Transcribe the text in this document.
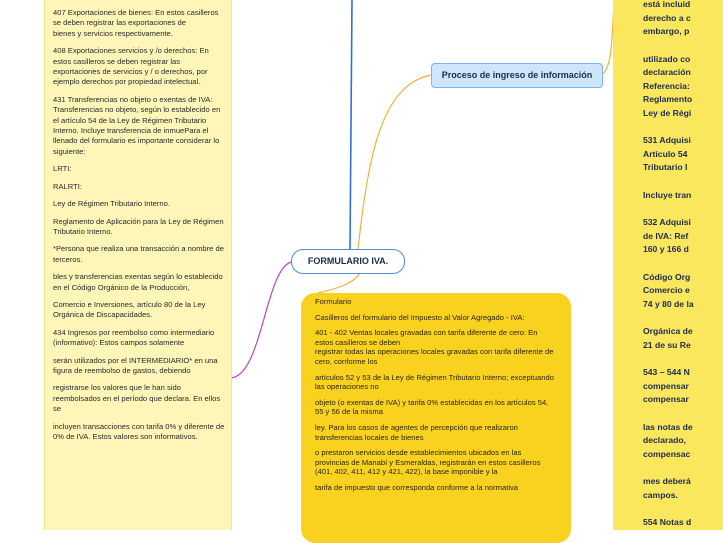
407 Exportaciones de bienes: En estos casilleros se deben registrar las exportaciones de
bienes y servicios respectivamente.

408 Exportaciones servicios y /o derechos: En estos casilleros se deben registrar las exportaciones de servicios y / o derechos, por ejemplo derechos por propiedad intelectual.

431 Transferencias no objeto o exentas de IVA: Transferencias no objeto, según lo establecido en el artículo 54 de la Ley de Régimen Tributario Interno. Incluye transferencia de inmuePara el llenado del formulario es importante considerar lo siguiente:

LRTI:

RALRTI:

Ley de Régimen Tributario Interno.

Reglamento de Aplicación para la Ley de Régimen Tributario Interno.

*Persona que realiza una transacción a nombre de terceros.

bles y transferencias exentas según lo establecido en el Código Orgánico de la Producción,

Comercio e Inversiones, artículo 80 de la Ley Orgánica de Discapacidades.

434 Ingresos por reembolso como intermediario (informativo): Estos campos solamente

serán utilizados por el INTERMEDIARIO* en una figura de reembolso de gastos, debiendo

registrarse los valores que le han sido reembolsados en el período que declara. En ellos se

incluyen transacciones con tarifa 0% y diferente de 0% de IVA. Estos valores son informativos.

está incluid

derecho a c

embargo, p

utilizado co

declaración

Referencia:

Reglamento

Ley de Régi

531 Adquisi

Artículo 54

Tributario I

Incluye tran

532 Adquisi

de IVA: Ref

160 y 166 d

Código Org

Comercio e

74 y 80 de la

Orgánica de

21 de su Re

543 – 544 N

compensar

compensar

las notas de

declarado,

compensac

mes deberá

campos.

554 Notas d

FORMULARIO IVA.
Proceso de ingreso de información

Formulario

Casilleros del formulario del Impuesto al Valor Agregado - IVA:

401 - 402 Ventas locales gravadas con tarifa diferente de cero: En estos casilleros se deben
registrar todas las operaciones locales gravadas con tarifa diferente de cero, conforme los

artículos 52 y 53 de la Ley de Régimen Tributario Interno; exceptuando las operaciones no

objeto (o exentas de IVA) y tarifa 0% establecidas en los artículos 54, 55 y 56 de la misma

ley. Para los casos de agentes de percepción que realizaron transferencias locales de bienes

o prestaron servicios desde establecimientos ubicados en las provincias de Manabí y Esmeraldas, registrarán en estos casilleros (401, 402, 411, 412 y 421, 422), la base imponible y la

tarifa de impuesto que corresponda conforme a la normativa
